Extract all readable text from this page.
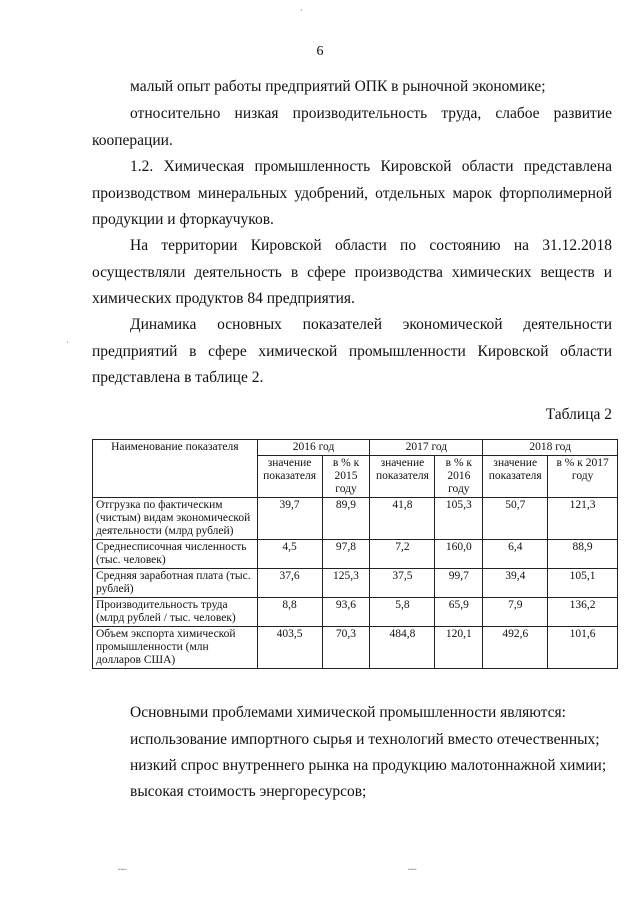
6

малый опыт работы предприятий ОПК в рыночной экономике;

относительно низкая производительность труда, слабое развитие кооперации.

1.2. Химическая промышленность Кировской области представлена производством минеральных удобрений, отдельных марок фторполимерной продукции и фторкаучуков.

На территории Кировской области по состоянию на 31.12.2018 осуществляли деятельность в сфере производства химических веществ и химических продуктов 84 предприятия.

Динамика основных показателей экономической деятельности предприятий в сфере химической промышленности Кировской области представлена в таблице 2.

Таблица 2
Наименование показателя	2016 год		2017 год		2018 год	
	значение показателя	в % к 2015 году	значение показателя	в % к 2016 году	значение показателя	в % к 2017 году
Отгрузка по фактическим (чистым) видам экономической деятельности (млрд рублей)	39,7	89,9	41,8	105,3	50,7	121,3
Среднесписочная численность (тыс. человек)	4,5	97,8	7,2	160,0	6,4	88,9
Средняя заработная плата (тыс. рублей)	37,6	125,3	37,5	99,7	39,4	105,1
Производительность труда (млрд рублей / тыс. человек)	8,8	93,6	5,8	65,9	7,9	136,2
Объем экспорта химической промышленности (млн долларов США)	403,5	70,3	484,8	120,1	492,6	101,6

Основными проблемами химической промышленности являются:

использование импортного сырья и технологий вместо отечественных;

низкий спрос внутреннего рынка на продукцию малотоннажной химии;

высокая стоимость энергоресурсов;

·
·
╌╌	╌╌
